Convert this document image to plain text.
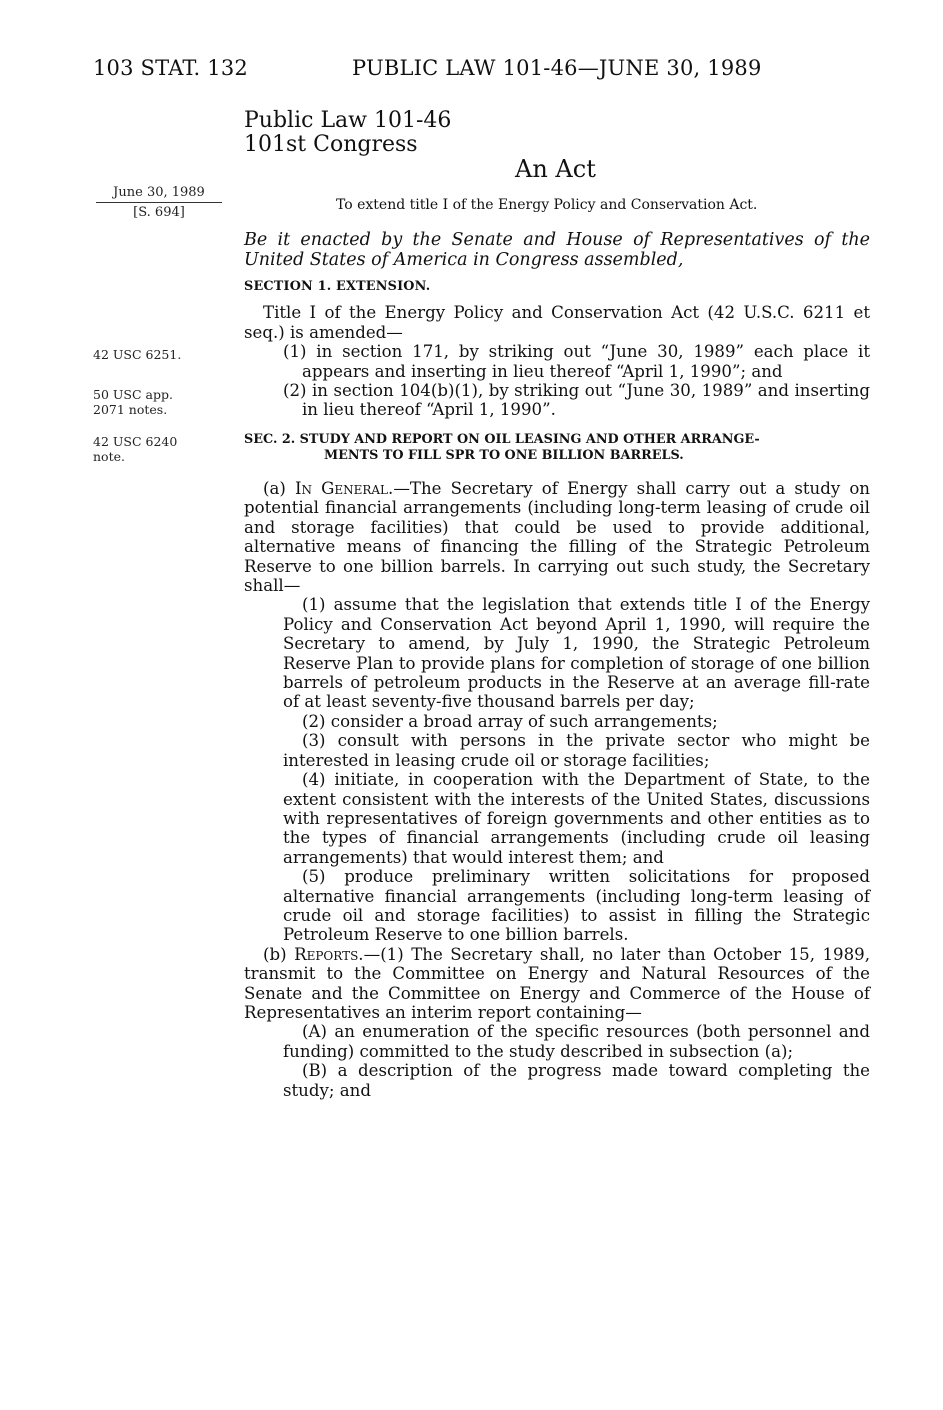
103 STAT. 132	PUBLIC LAW 101-46—JUNE 30, 1989
Public Law 101-46
101st Congress
An Act
June 30, 1989
[S. 694]	To extend title I of the Energy Policy and Conservation Act.

Be it enacted by the Senate and House of Representatives of the United States of America in Congress assembled,

SECTION 1. EXTENSION.

Title I of the Energy Policy and Conservation Act (42 U.S.C. 6211 et seq.) is amended—

(1) in section 171, by striking out “June 30, 1989” each place it appears and inserting in lieu thereof “April 1, 1990”; and

(2) in section 104(b)(1), by striking out “June 30, 1989” and inserting in lieu thereof “April 1, 1990”.

42 USC 6251.
50 USC app.
2071 notes.
42 USC 6240
note.
SEC. 2. STUDY AND REPORT ON OIL LEASING AND OTHER ARRANGE-
MENTS TO FILL SPR TO ONE BILLION BARRELS.

(a) In General.—The Secretary of Energy shall carry out a study on potential financial arrangements (including long-term leasing of crude oil and storage facilities) that could be used to provide additional, alternative means of financing the filling of the Strategic Petroleum Reserve to one billion barrels. In carrying out such study, the Secretary shall—

(1) assume that the legislation that extends title I of the Energy Policy and Conservation Act beyond April 1, 1990, will require the Secretary to amend, by July 1, 1990, the Strategic Petroleum Reserve Plan to provide plans for completion of storage of one billion barrels of petroleum products in the Reserve at an average fill-rate of at least seventy-five thousand barrels per day;

(2) consider a broad array of such arrangements;

(3) consult with persons in the private sector who might be interested in leasing crude oil or storage facilities;

(4) initiate, in cooperation with the Department of State, to the extent consistent with the interests of the United States, discussions with representatives of foreign governments and other entities as to the types of financial arrangements (including crude oil leasing arrangements) that would interest them; and

(5) produce preliminary written solicitations for proposed alternative financial arrangements (including long-term leasing of crude oil and storage facilities) to assist in filling the Strategic Petroleum Reserve to one billion barrels.

(b) Reports.—(1) The Secretary shall, no later than October 15, 1989, transmit to the Committee on Energy and Natural Resources of the Senate and the Committee on Energy and Commerce of the House of Representatives an interim report containing—

(A) an enumeration of the specific resources (both personnel and funding) committed to the study described in subsection (a);

(B) a description of the progress made toward completing the study; and
